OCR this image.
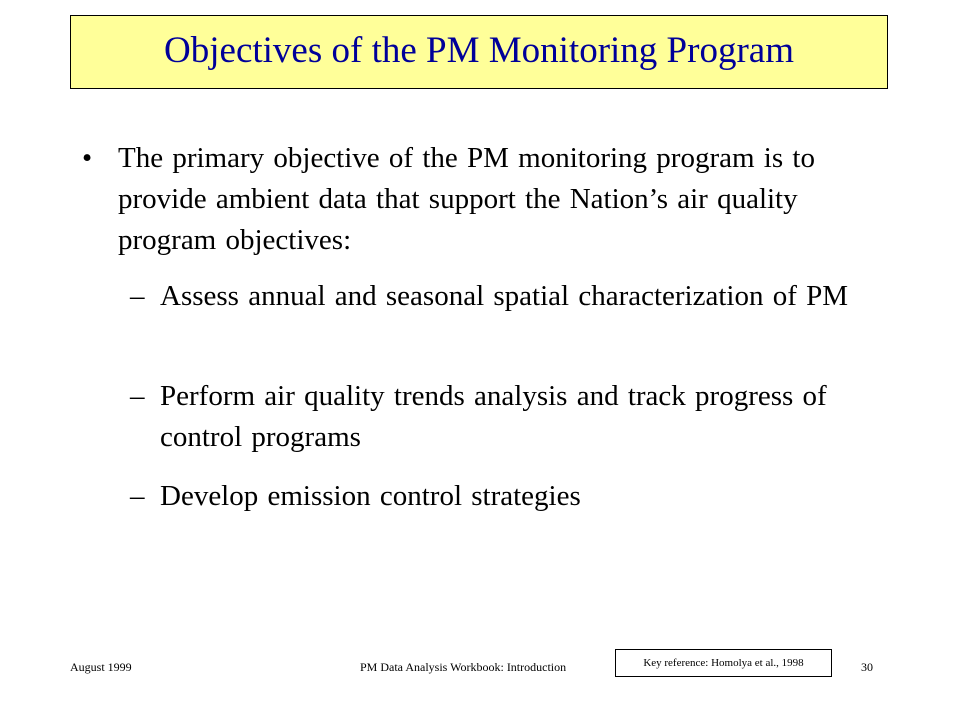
Objectives of the PM Monitoring Program
• The primary objective of the PM monitoring program is to provide ambient data that support the Nation’s air quality program objectives:
– Assess annual and seasonal spatial characterization of PM
– Perform air quality trends analysis and track progress of control programs
– Develop emission control strategies
August 1999	PM Data Analysis Workbook: Introduction	30
Key reference: Homolya et al., 1998
